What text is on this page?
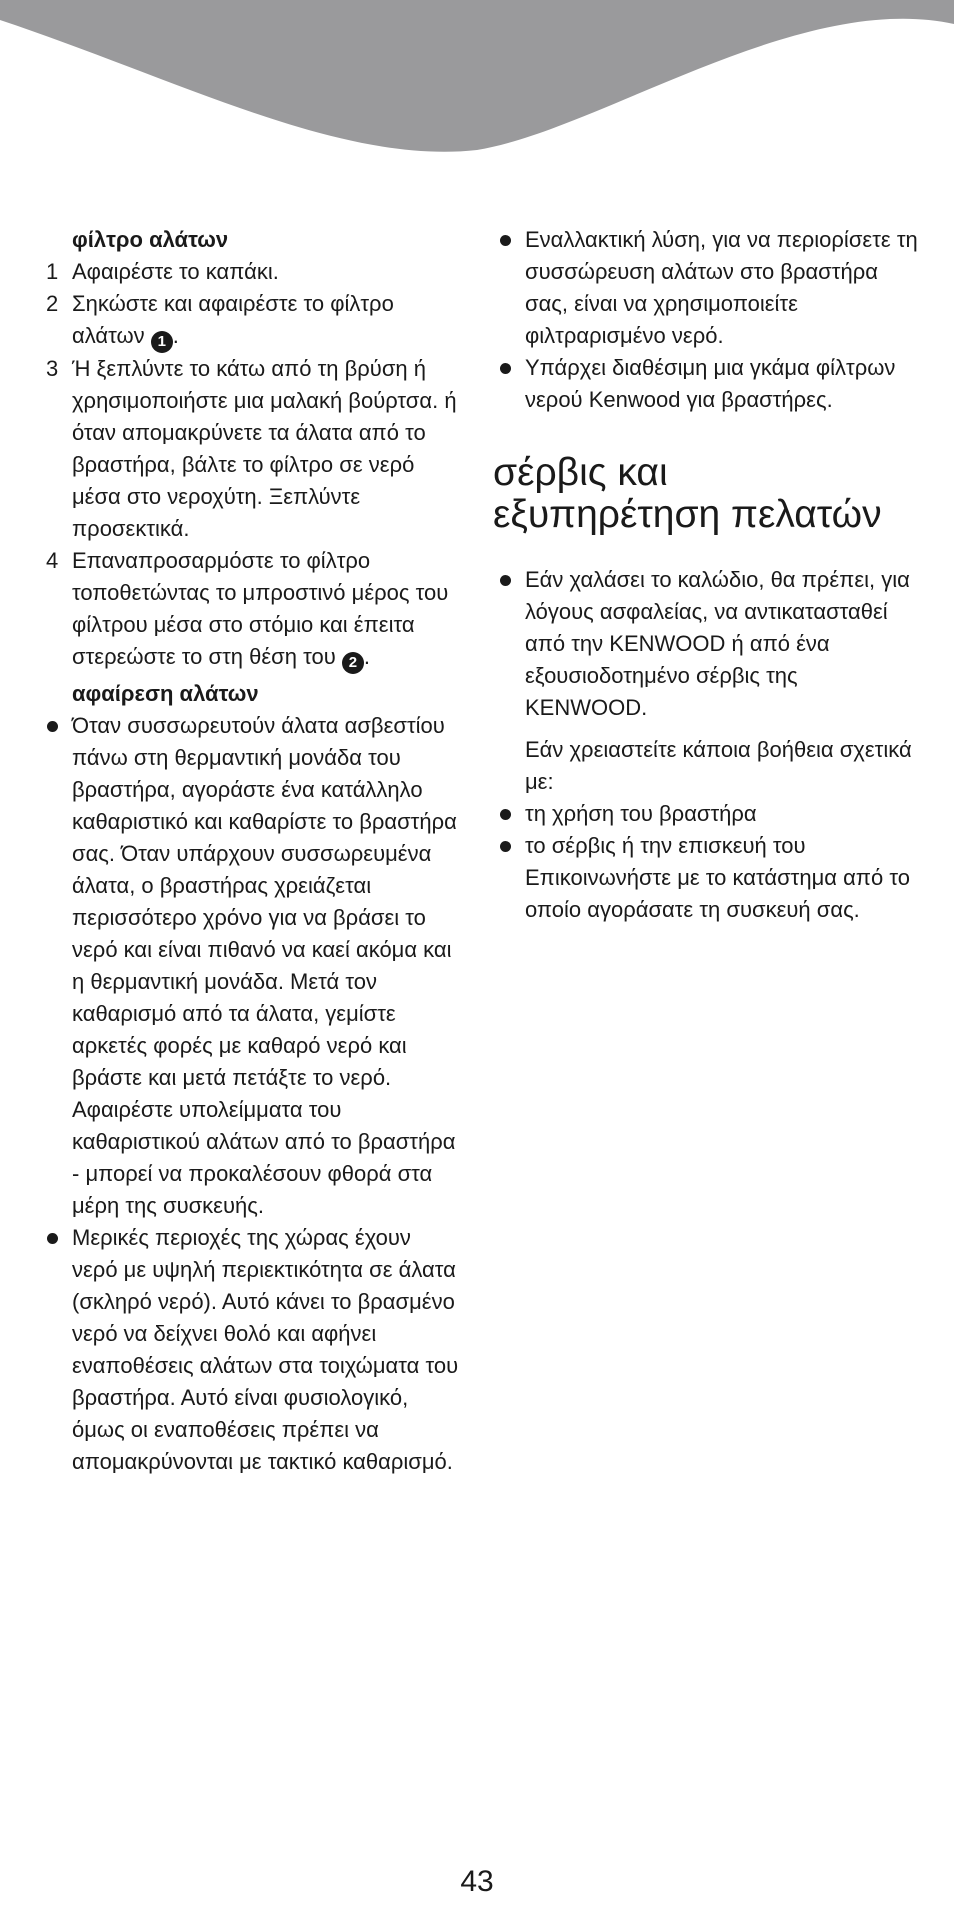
φίλτρο αλάτων
1 Αφαιρέστε το καπάκι.
2 Σηκώστε και αφαιρέστε το φίλτρο αλάτων 1 .
3 Ή ξεπλύντε το κάτω από τη βρύση ή χρησιμοποιήστε μια μαλακή βούρτσα. ή όταν απομακρύνετε τα άλατα από το βραστήρα, βάλτε το φίλτρο σε νερό μέσα στο νεροχύτη. Ξεπλύντε προσεκτικά.
4 Επαναπροσαρμόστε το φίλτρο τοποθετώντας το μπροστινό μέρος του φίλτρου μέσα στο στόμιο και έπειτα στερεώστε το στη θέση του 2 .
αφαίρεση αλάτων
Όταν συσσωρευτούν άλατα ασβεστίου πάνω στη θερμαντική μονάδα του βραστήρα, αγοράστε ένα κατάλληλο καθαριστικό και καθαρίστε το βραστήρα σας. Όταν υπάρχουν συσσωρευμένα άλατα, ο βραστήρας χρειάζεται περισσότερο χρόνο για να βράσει το νερό και είναι πιθανό να καεί ακόμα και η θερμαντική μονάδα. Μετά τον καθαρισμό από τα άλατα, γεμίστε αρκετές φορές με καθαρό νερό και βράστε και μετά πετάξτε το νερό. Αφαιρέστε υπολείμματα του καθαριστικού αλάτων από το βραστήρα - μπορεί να προκαλέσουν φθορά στα μέρη της συσκευής.
Μερικές περιοχές της χώρας έχουν νερό με υψηλή περιεκτικότητα σε άλατα (σκληρό νερό). Αυτό κάνει το βρασμένο νερό να δείχνει θολό και αφήνει εναποθέσεις αλάτων στα τοιχώματα του βραστήρα. Αυτό είναι φυσιολογικό, όμως οι εναποθέσεις πρέπει να απομακρύνονται με τακτικό καθαρισμό.
Εναλλακτική λύση, για να περιορίσετε τη συσσώρευση αλάτων στο βραστήρα σας, είναι να χρησιμοποιείτε φιλτραρισμένο νερό.
Υπάρχει διαθέσιμη μια γκάμα φίλτρων νερού Kenwood για βραστήρες.
σέρβις και
εξυπηρέτηση πελατών
Εάν χαλάσει το καλώδιο, θα πρέπει, για λόγους ασφαλείας, να αντικατασταθεί από την KENWOOD ή από ένα εξουσιοδοτημένο σέρβις της KENWOOD.
Εάν χρειαστείτε κάποια βοήθεια σχετικά με:
τη χρήση του βραστήρα
το σέρβις ή την επισκευή του Επικοινωνήστε με το κατάστημα από το οποίο αγοράσατε τη συσκευή σας.
43
